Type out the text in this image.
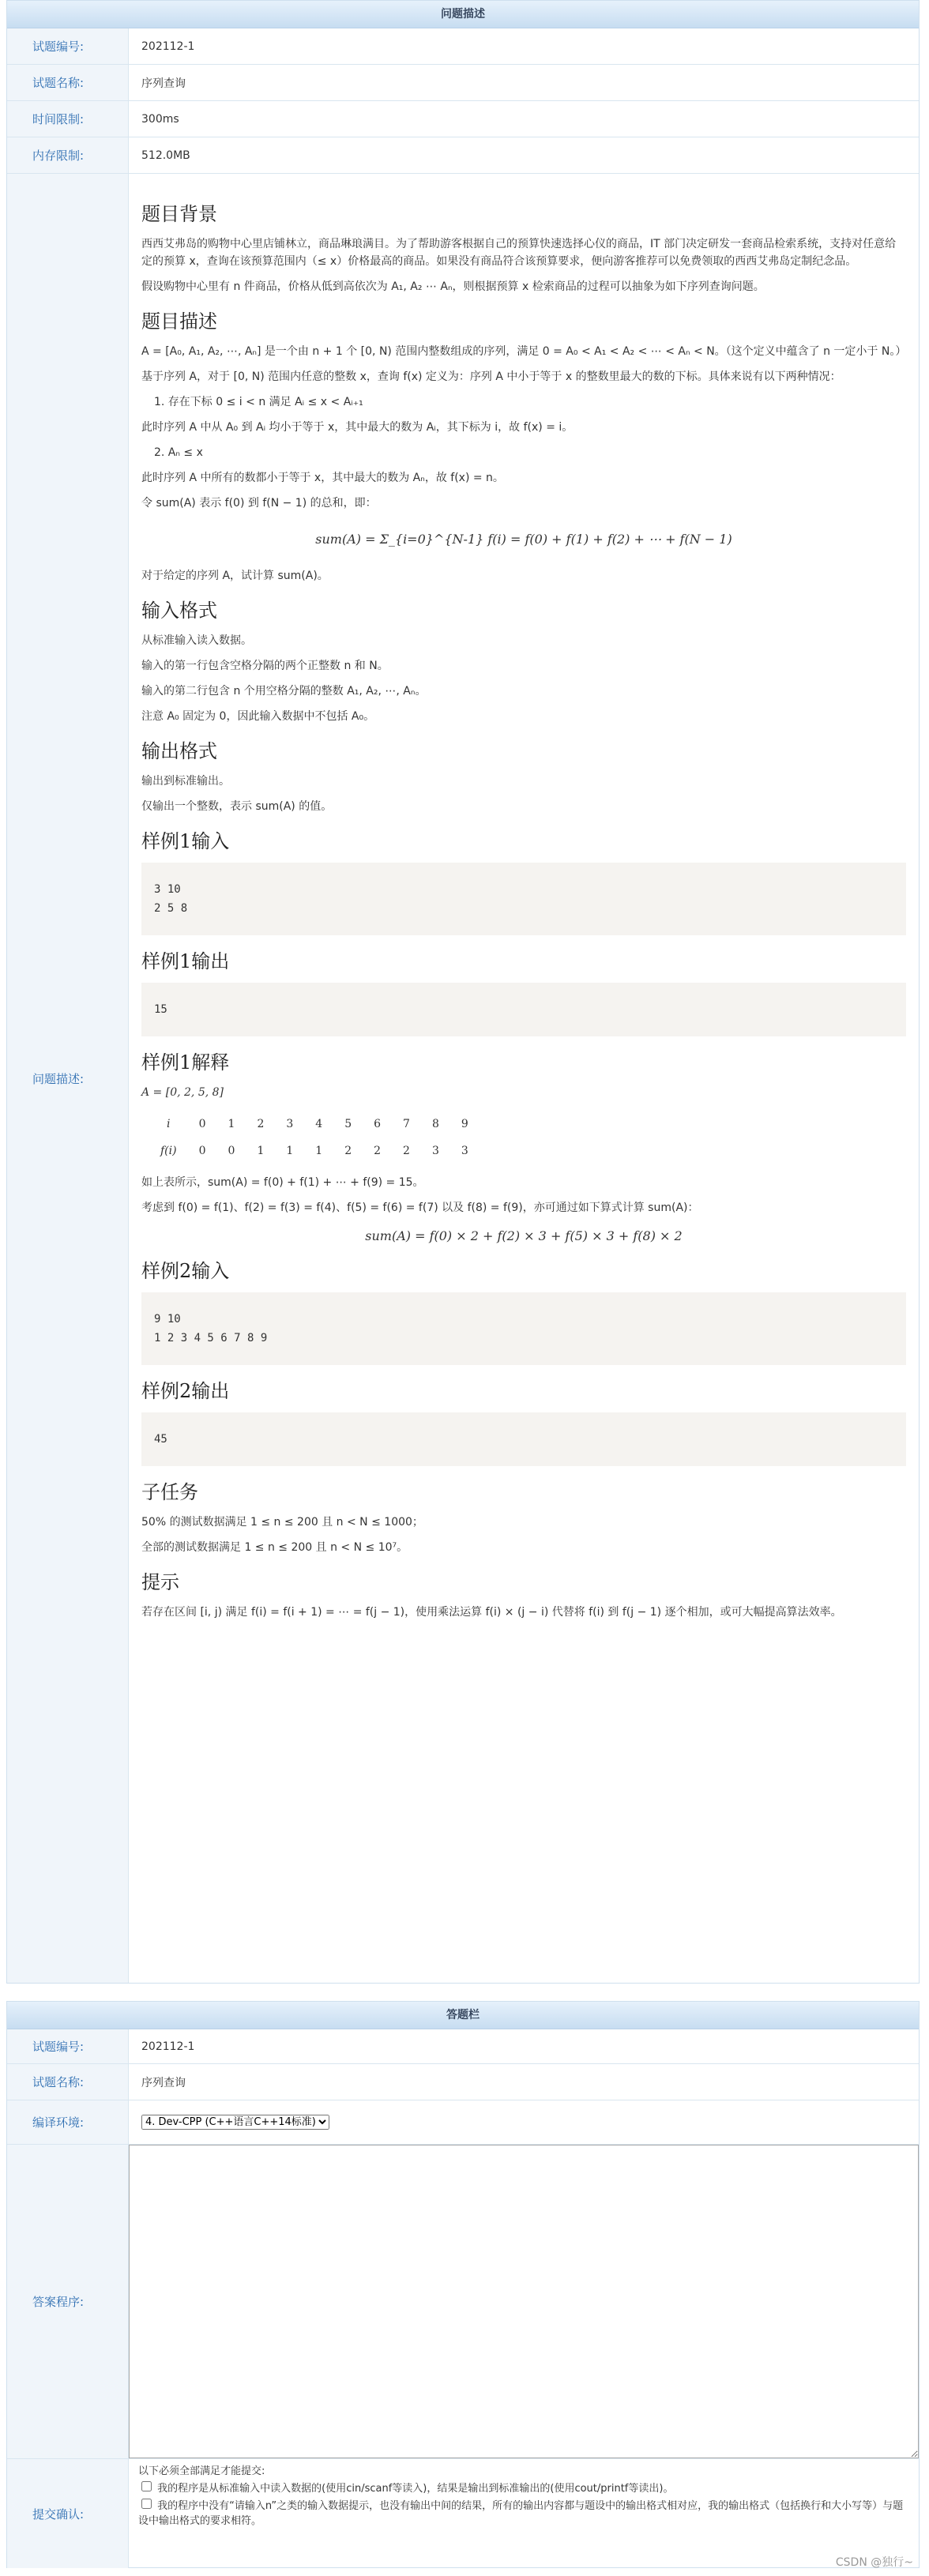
问题描述
试题编号:	202112-1
试题名称:	序列查询
时间限制:	300ms
内存限制:	512.0MB
问题描述:
题目背景

西西艾弗岛的购物中心里店铺林立，商品琳琅满目。为了帮助游客根据自己的预算快速选择心仪的商品，IT 部门决定研发一套商品检索系统，支持对任意给定的预算 x，查询在该预算范围内（≤ x）价格最高的商品。如果没有商品符合该预算要求，便向游客推荐可以免费领取的西西艾弗岛定制纪念品。

假设购物中心里有 n 件商品，价格从低到高依次为 A₁, A₂ ⋯ Aₙ，则根据预算 x 检索商品的过程可以抽象为如下序列查询问题。

题目描述

A = [A₀, A₁, A₂, ⋯, Aₙ] 是一个由 n + 1 个 [0, N) 范围内整数组成的序列，满足 0 = A₀ < A₁ < A₂ < ⋯ < Aₙ < N。（这个定义中蕴含了 n 一定小于 N。）

基于序列 A，对于 [0, N) 范围内任意的整数 x，查询 f(x) 定义为：序列 A 中小于等于 x 的整数里最大的数的下标。具体来说有以下两种情况：

1. 存在下标 0 ≤ i < n 满足 Aᵢ ≤ x < Aᵢ₊₁

此时序列 A 中从 A₀ 到 Aᵢ 均小于等于 x，其中最大的数为 Aᵢ，其下标为 i，故 f(x) = i。

2. Aₙ ≤ x

此时序列 A 中所有的数都小于等于 x，其中最大的数为 Aₙ，故 f(x) = n。

令 sum(A) 表示 f(0) 到 f(N − 1) 的总和，即：

sum(A) = Σ_{i=0}^{N-1} f(i) = f(0) + f(1) + f(2) + ⋯ + f(N − 1)

对于给定的序列 A，试计算 sum(A)。

输入格式

从标准输入读入数据。

输入的第一行包含空格分隔的两个正整数 n 和 N。

输入的第二行包含 n 个用空格分隔的整数 A₁, A₂, ⋯, Aₙ。

注意 A₀ 固定为 0，因此输入数据中不包括 A₀。

输出格式

输出到标准输出。

仅输出一个整数，表示 sum(A) 的值。

样例1输入
3 10
2 5 8
样例1输出
15
样例1解释

A = [0, 2, 5, 8]

i	0	1	2	3	4	5	6	7	8	9
f(i)	0	0	1	1	1	2	2	2	3	3

如上表所示，sum(A) = f(0) + f(1) + ⋯ + f(9) = 15。

考虑到 f(0) = f(1)、f(2) = f(3) = f(4)、f(5) = f(6) = f(7) 以及 f(8) = f(9)，亦可通过如下算式计算 sum(A)：

sum(A) = f(0) × 2 + f(2) × 3 + f(5) × 3 + f(8) × 2
样例2输入
9 10
1 2 3 4 5 6 7 8 9
样例2输出
45
子任务

50% 的测试数据满足 1 ≤ n ≤ 200 且 n < N ≤ 1000；

全部的测试数据满足 1 ≤ n ≤ 200 且 n < N ≤ 10⁷。

提示

若存在区间 [i, j) 满足 f(i) = f(i + 1) = ⋯ = f(j − 1)，使用乘法运算 f(i) × (j − i) 代替将 f(i) 到 f(j − 1) 逐个相加，或可大幅提高算法效率。

答题栏
试题编号:	202112-1
试题名称:	序列查询
编译环境:
4. Dev-CPP (C++语言C++14标准)
答案程序:
提交确认:
以下必须全部满足才能提交:
我的程序是从标准输入中读入数据的(使用cin/scanf等读入)，结果是输出到标准输出的(使用cout/printf等读出)。
我的程序中没有“请输入n”之类的输入数据提示，也没有输出中间的结果，所有的输出内容都与题设中的输出格式相对应，我的输出格式（包括换行和大小写等）与题设中输出格式的要求相符。
CSDN @独行~
